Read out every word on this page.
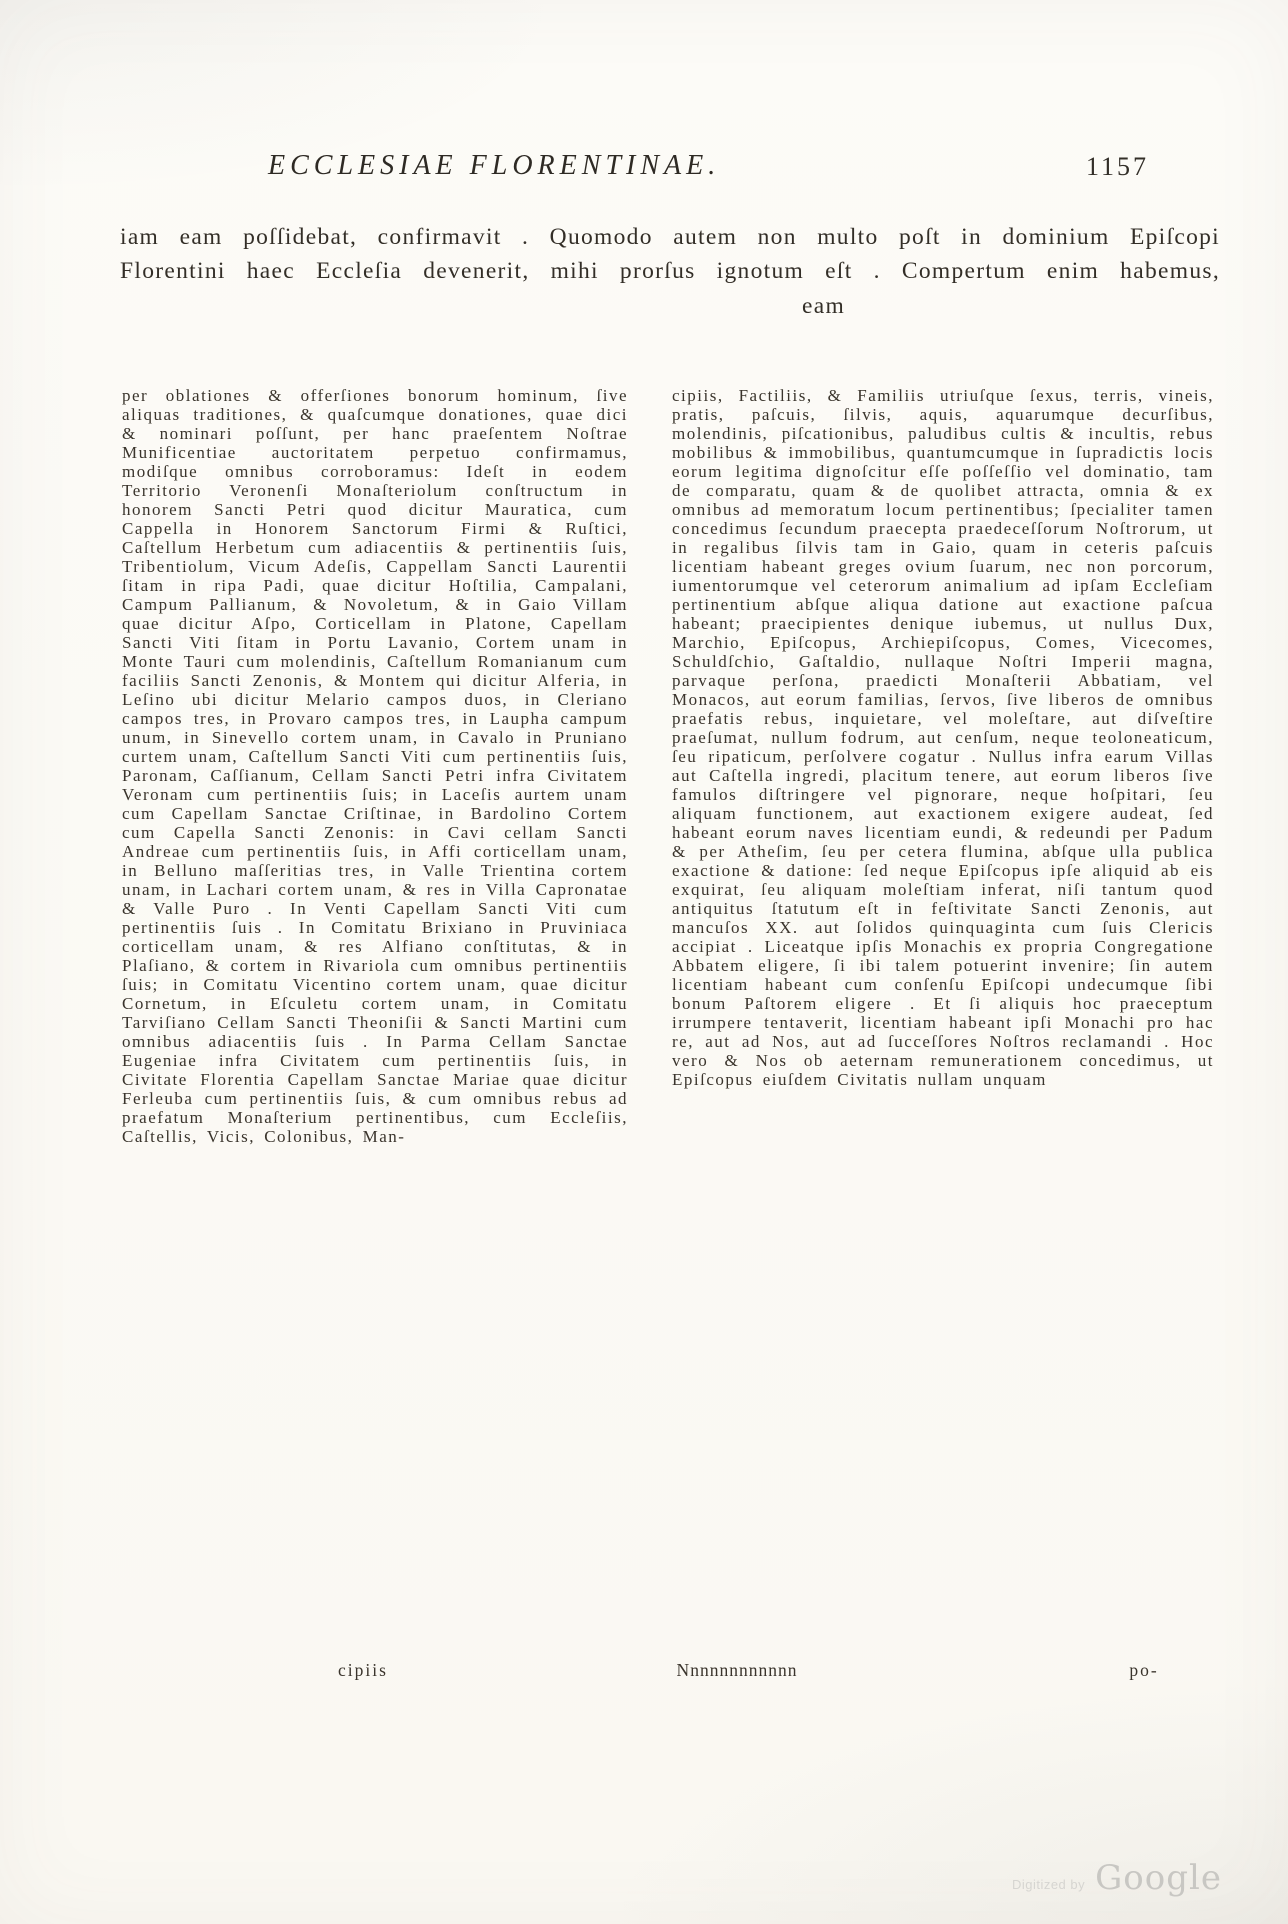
ECCLESIAE FLORENTINAE.	1157

iam eam poſſidebat, confirmavit . Quomodo autem non multo poſt in dominium Epiſcopi Florentini haec Eccleſia devenerit, mihi prorſus ignotum eſt . Compertum enim habemus,

eam
per oblationes & offerſiones bonorum hominum, ſive aliquas traditiones, & quaſcumque donationes, quae dici & nominari poſſunt, per hanc praeſentem Noſtrae Munificentiae auctoritatem perpetuo confirmamus, modiſque omnibus corroboramus: Ideſt in eodem Territorio Veronenſi Monaſteriolum conſtructum in honorem Sancti Petri quod dicitur Mauratica, cum Cappella in Honorem Sanctorum Firmi & Ruſtici, Caſtellum Herbetum cum adiacentiis & pertinentiis ſuis, Tribentiolum, Vicum Adeſis, Cappellam Sancti Laurentii ſitam in ripa Padi, quae dicitur Hoſtilia, Campalani, Campum Pallianum, & Novoletum, & in Gaio Villam quae dicitur Aſpo, Corticellam in Platone, Capellam Sancti Viti ſitam in Portu Lavanio, Cortem unam in Monte Tauri cum molendinis, Caſtellum Romanianum cum faciliis Sancti Zenonis, & Montem qui dicitur Alferia, in Leſino ubi dicitur Melario campos duos, in Cleriano campos tres, in Provaro campos tres, in Laupha campum unum, in Sinevello cortem unam, in Cavalo in Pruniano curtem unam, Caſtellum Sancti Viti cum pertinentiis ſuis, Paronam, Caſſianum, Cellam Sancti Petri infra Civitatem Veronam cum pertinentiis ſuis; in Laceſis aurtem unam cum Capellam Sanctae Criſtinae, in Bardolino Cortem cum Capella Sancti Zenonis: in Cavi cellam Sancti Andreae cum pertinentiis ſuis, in Affi corticellam unam, in Belluno maſſeritias tres, in Valle Trientina cortem unam, in Lachari cortem unam, & res in Villa Capronatae & Valle Puro . In Venti Capellam Sancti Viti cum pertinentiis ſuis . In Comitatu Brixiano in Pruviniaca corticellam unam, & res Alfiano conſtitutas, & in Plaſiano, & cortem in Rivariola cum omnibus pertinentiis ſuis; in Comitatu Vicentino cortem unam, quae dicitur Cornetum, in Eſculetu cortem unam, in Comitatu Tarviſiano Cellam Sancti Theoniſii & Sancti Martini cum omnibus adiacentiis ſuis . In Parma Cellam Sanctae Eugeniae infra Civitatem cum pertinentiis ſuis, in Civitate Florentia Capellam Sanctae Mariae quae dicitur Ferleuba cum pertinentiis ſuis, & cum omnibus rebus ad praefatum Monaſterium pertinentibus, cum Eccleſiis, Caſtellis, Vicis, Colonibus, Man-
cipiis, Factiliis, & Familiis utriuſque ſexus, terris, vineis, pratis, paſcuis, ſilvis, aquis, aquarumque decurſibus, molendinis, piſcationibus, paludibus cultis & incultis, rebus mobilibus & immobilibus, quantumcumque in ſupradictis locis eorum legitima dignoſcitur eſſe poſſeſſio vel dominatio, tam de comparatu, quam & de quolibet attracta, omnia & ex omnibus ad memoratum locum pertinentibus; ſpecialiter tamen concedimus ſecundum praecepta praedeceſſorum Noſtrorum, ut in regalibus ſilvis tam in Gaio, quam in ceteris paſcuis licentiam habeant greges ovium ſuarum, nec non porcorum, iumentorumque vel ceterorum animalium ad ipſam Eccleſiam pertinentium abſque aliqua datione aut exactione paſcua habeant; praecipientes denique iubemus, ut nullus Dux, Marchio, Epiſcopus, Archiepiſcopus, Comes, Vicecomes, Schuldſchio, Gaſtaldio, nullaque Noſtri Imperii magna, parvaque perſona, praedicti Monaſterii Abbatiam, vel Monacos, aut eorum familias, ſervos, ſive liberos de omnibus praefatis rebus, inquietare, vel moleſtare, aut diſveſtire praeſumat, nullum fodrum, aut cenſum, neque teoloneaticum, ſeu ripaticum, perſolvere cogatur . Nullus infra earum Villas aut Caſtella ingredi, placitum tenere, aut eorum liberos ſive famulos diſtringere vel pignorare, neque hoſpitari, ſeu aliquam functionem, aut exactionem exigere audeat, ſed habeant eorum naves licentiam eundi, & redeundi per Padum & per Atheſim, ſeu per cetera flumina, abſque ulla publica exactione & datione: ſed neque Epiſcopus ipſe aliquid ab eis exquirat, ſeu aliquam moleſtiam inferat, niſi tantum quod antiquitus ſtatutum eſt in feſtivitate Sancti Zenonis, aut mancuſos XX. aut ſolidos quinquaginta cum ſuis Clericis accipiat . Liceatque ipſis Monachis ex propria Congregatione Abbatem eligere, ſi ibi talem potuerint invenire; ſin autem licentiam habeant cum conſenſu Epiſcopi undecumque ſibi bonum Paſtorem eligere . Et ſi aliquis hoc praeceptum irrumpere tentaverit, licentiam habeant ipſi Monachi pro hac re, aut ad Nos, aut ad ſucceſſores Noſtros reclamandi . Hoc vero & Nos ob aeternam remunerationem concedimus, ut Epiſcopus eiuſdem Civitatis nullam unquam
cipiis	Nnnnnnnnnnnn	po-
Digitized by Google
